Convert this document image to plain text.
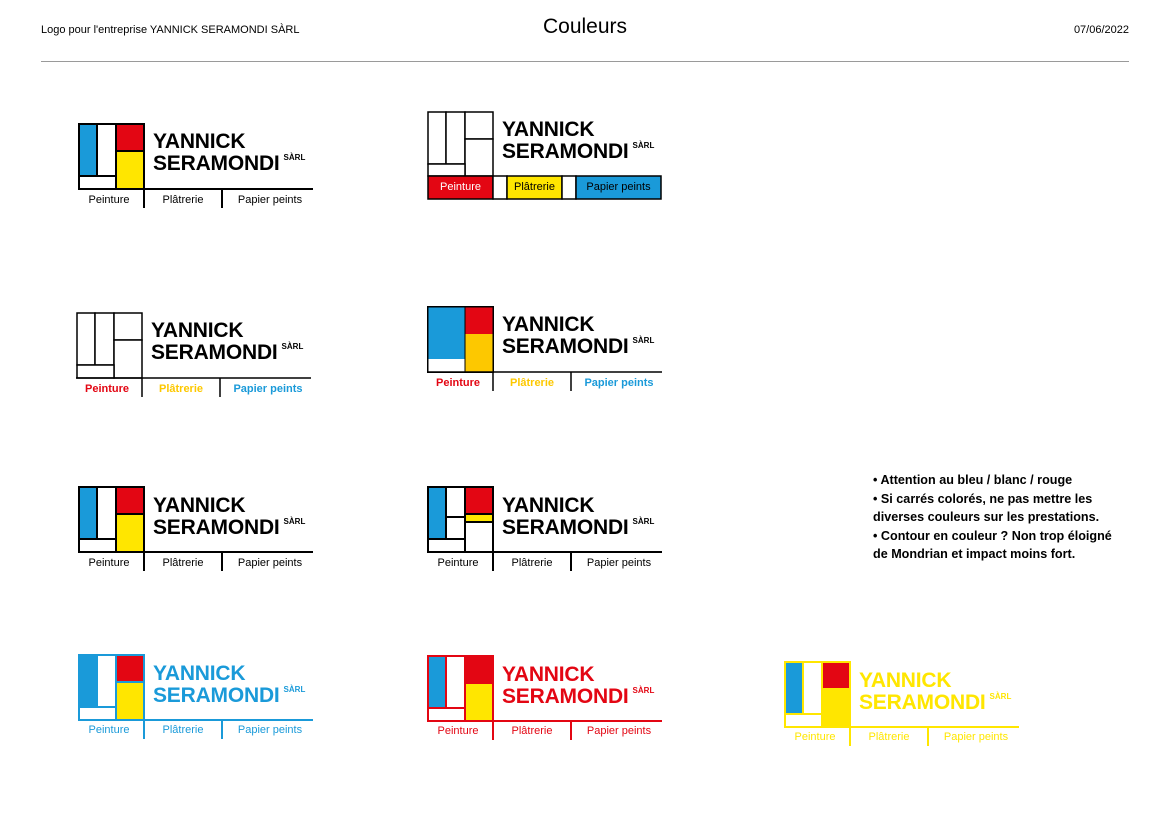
Logo pour l'entreprise YANNICK SERAMONDI SÀRL	Couleurs	07/06/2022
YANNICK
SERAMONDI $^{SÀRL}$
Peinture	Plâtrerie	Papier peints
YANNICK
SERAMONDI $^{SÀRL}$
Peinture	Plâtrerie	Papier peints
YANNICK
SERAMONDI $^{SÀRL}$
Peinture	Plâtrerie	Papier peints
YANNICK
SERAMONDI $^{SÀRL}$
Peinture	Plâtrerie	Papier peints
YANNICK
SERAMONDI $^{SÀRL}$
Peinture	Plâtrerie	Papier peints
YANNICK
SERAMONDI $^{SÀRL}$
Peinture	Plâtrerie	Papier peints
• Attention au bleu / blanc / rouge
• Si carrés colorés, ne pas mettre les
diverses couleurs sur les prestations.
• Contour en couleur ? Non trop éloigné
de Mondrian et impact moins fort.
YANNICK
SERAMONDI $^{SÀRL}$
Peinture	Plâtrerie	Papier peints
YANNICK
SERAMONDI $^{SÀRL}$
Peinture	Plâtrerie	Papier peints
YANNICK
SERAMONDI $^{SÀRL}$
Peinture	Plâtrerie	Papier peints
